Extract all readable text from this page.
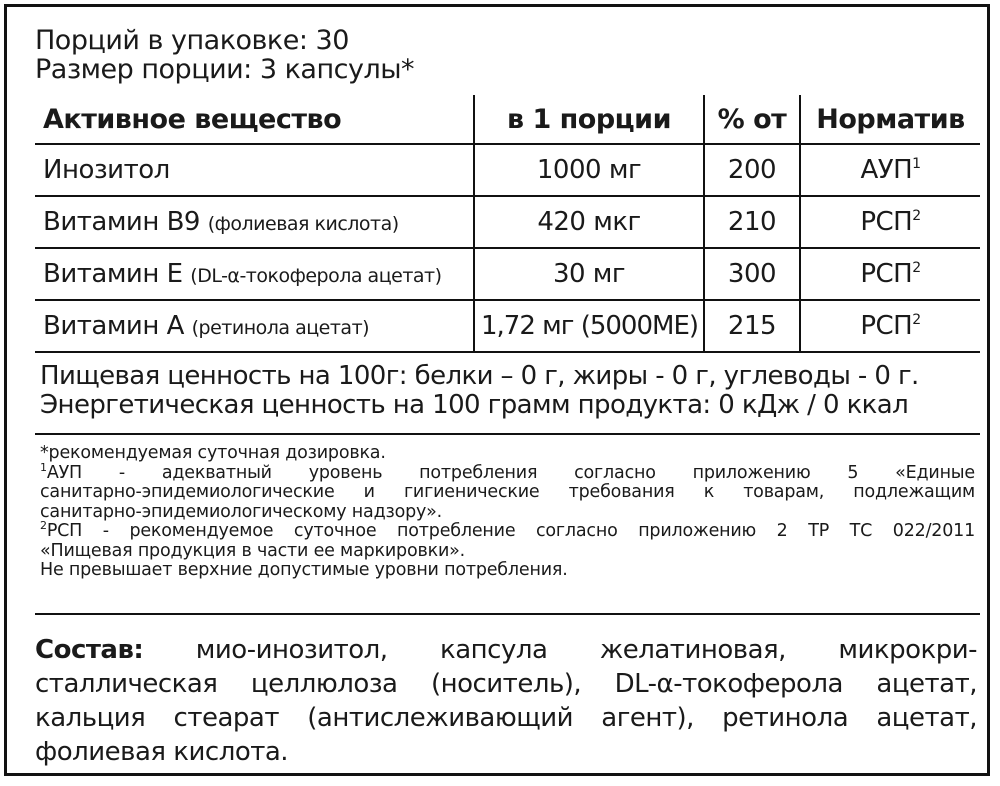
Порций в упаковке: 30
Размер порции: 3 капсулы*
Активное вещество	в 1 порции	% от	Норматив
Инозитол	1000 мг	200	АУП$^1$
Витамин В9 (фолиевая кислота)	420 мкг	210	РСП$^2$
Витамин Е (DL-α-токоферола ацетат)	30 мг	300	РСП$^2$
Витамин А (ретинола ацетат)	1,72 мг (5000МЕ)	215	РСП$^2$
Пищевая ценность на 100г: белки – 0 г, жиры - 0 г, углеводы - 0 г.
Энергетическая ценность на 100 грамм продукта: 0 кДж / 0 ккал
*рекомендуемая суточная дозировка.
$^1$АУП - адекватный уровень потребления согласно приложению 5 «Единые
санитарно-эпидемиологические и гигиенические требования к товарам, подлежащим
санитарно-эпидемиологическому надзору».
$^2$РСП - рекомендуемое суточное потребление согласно приложению 2 ТР ТС 022/2011
«Пищевая продукция в части ее маркировки».
Не превышает верхние допустимые уровни потребления.
Состав: мио-инозитол, капсула желатиновая, микрокри-
сталлическая целлюлоза (носитель), DL-α-токоферола ацетат,
кальция стеарат (антислеживающий агент), ретинола ацетат,
фолиевая кислота.
